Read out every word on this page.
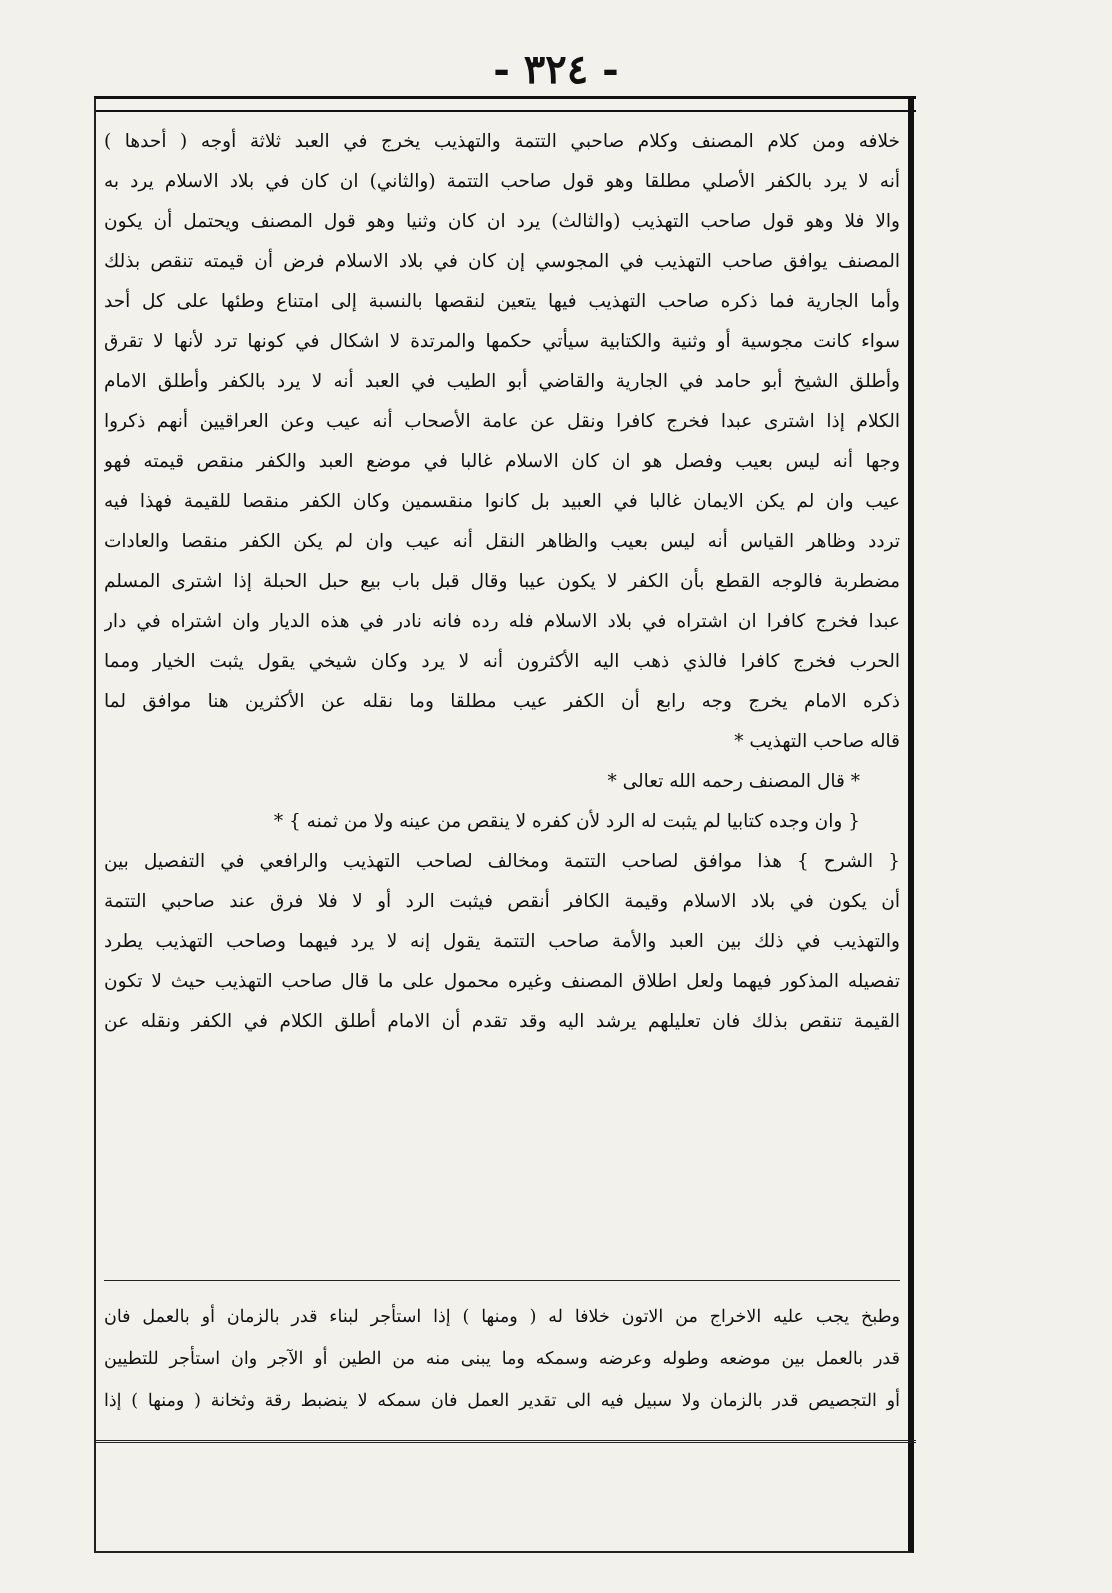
- ٣٢٤ -
خلافه ومن كلام المصنف وكلام صاحبي التتمة والتهذيب يخرج في العبد ثلاثة أوجه ( أحدها )
أنه لا يرد بالكفر الأصلي مطلقا وهو قول صاحب التتمة (والثاني) ان كان في بلاد الاسلام يرد به
والا فلا وهو قول صاحب التهذيب (والثالث) يرد ان كان وثنيا وهو قول المصنف ويحتمل أن يكون
المصنف يوافق صاحب التهذيب في المجوسي إن كان في بلاد الاسلام فرض أن قيمته تنقص بذلك
وأما الجارية فما ذكره صاحب التهذيب فيها يتعين لنقصها بالنسبة إلى امتناع وطئها على كل أحد
سواء كانت مجوسية أو وثنية والكتابية سيأتي حكمها والمرتدة لا اشكال في كونها ترد لأنها لا تقرق
وأطلق الشيخ أبو حامد في الجارية والقاضي أبو الطيب في العبد أنه لا يرد بالكفر وأطلق الامام
الكلام إذا اشترى عبدا فخرج كافرا ونقل عن عامة الأصحاب أنه عيب وعن العراقيين أنهم ذكروا
وجها أنه ليس بعيب وفصل هو ان كان الاسلام غالبا في موضع العبد والكفر منقص قيمته فهو
عيب وان لم يكن الايمان غالبا في العبيد بل كانوا منقسمين وكان الكفر منقصا للقيمة فهذا فيه
تردد وظاهر القياس أنه ليس بعيب والظاهر النقل أنه عيب وان لم يكن الكفر منقصا والعادات
مضطربة فالوجه القطع بأن الكفر لا يكون عيبا وقال قبل باب بيع حبل الحبلة إذا اشترى المسلم
عبدا فخرج كافرا ان اشتراه في بلاد الاسلام فله رده فانه نادر في هذه الديار وان اشتراه في دار
الحرب فخرج كافرا فالذي ذهب اليه الأكثرون أنه لا يرد وكان شيخي يقول يثبت الخيار ومما
ذكره الامام يخرج وجه رابع أن الكفر عيب مطلقا وما نقله عن الأكثرين هنا موافق لما
قاله صاحب التهذيب *
* قال المصنف رحمه الله تعالى *
{ وان وجده كتابيا لم يثبت له الرد لأن كفره لا ينقص من عينه ولا من ثمنه } *
{ الشرح } هذا موافق لصاحب التتمة ومخالف لصاحب التهذيب والرافعي في التفصيل بين
أن يكون في بلاد الاسلام وقيمة الكافر أنقص فيثبت الرد أو لا فلا فرق عند صاحبي التتمة
والتهذيب في ذلك بين العبد والأمة صاحب التتمة يقول إنه لا يرد فيهما وصاحب التهذيب يطرد
تفصيله المذكور فيهما ولعل اطلاق المصنف وغيره محمول على ما قال صاحب التهذيب حيث لا تكون
القيمة تنقص بذلك فان تعليلهم يرشد اليه وقد تقدم أن الامام أطلق الكلام في الكفر ونقله عن
وطبخ يجب عليه الاخراج من الاتون خلافا له ( ومنها ) إذا استأجر لبناء قدر بالزمان أو بالعمل فان
قدر بالعمل بين موضعه وطوله وعرضه وسمكه وما يبنى منه من الطين أو الآجر وان استأجر للتطيين
أو التجصيص قدر بالزمان ولا سبيل فيه الى تقدير العمل فان سمكه لا ينضبط رقة وثخانة ( ومنها ) إذا
